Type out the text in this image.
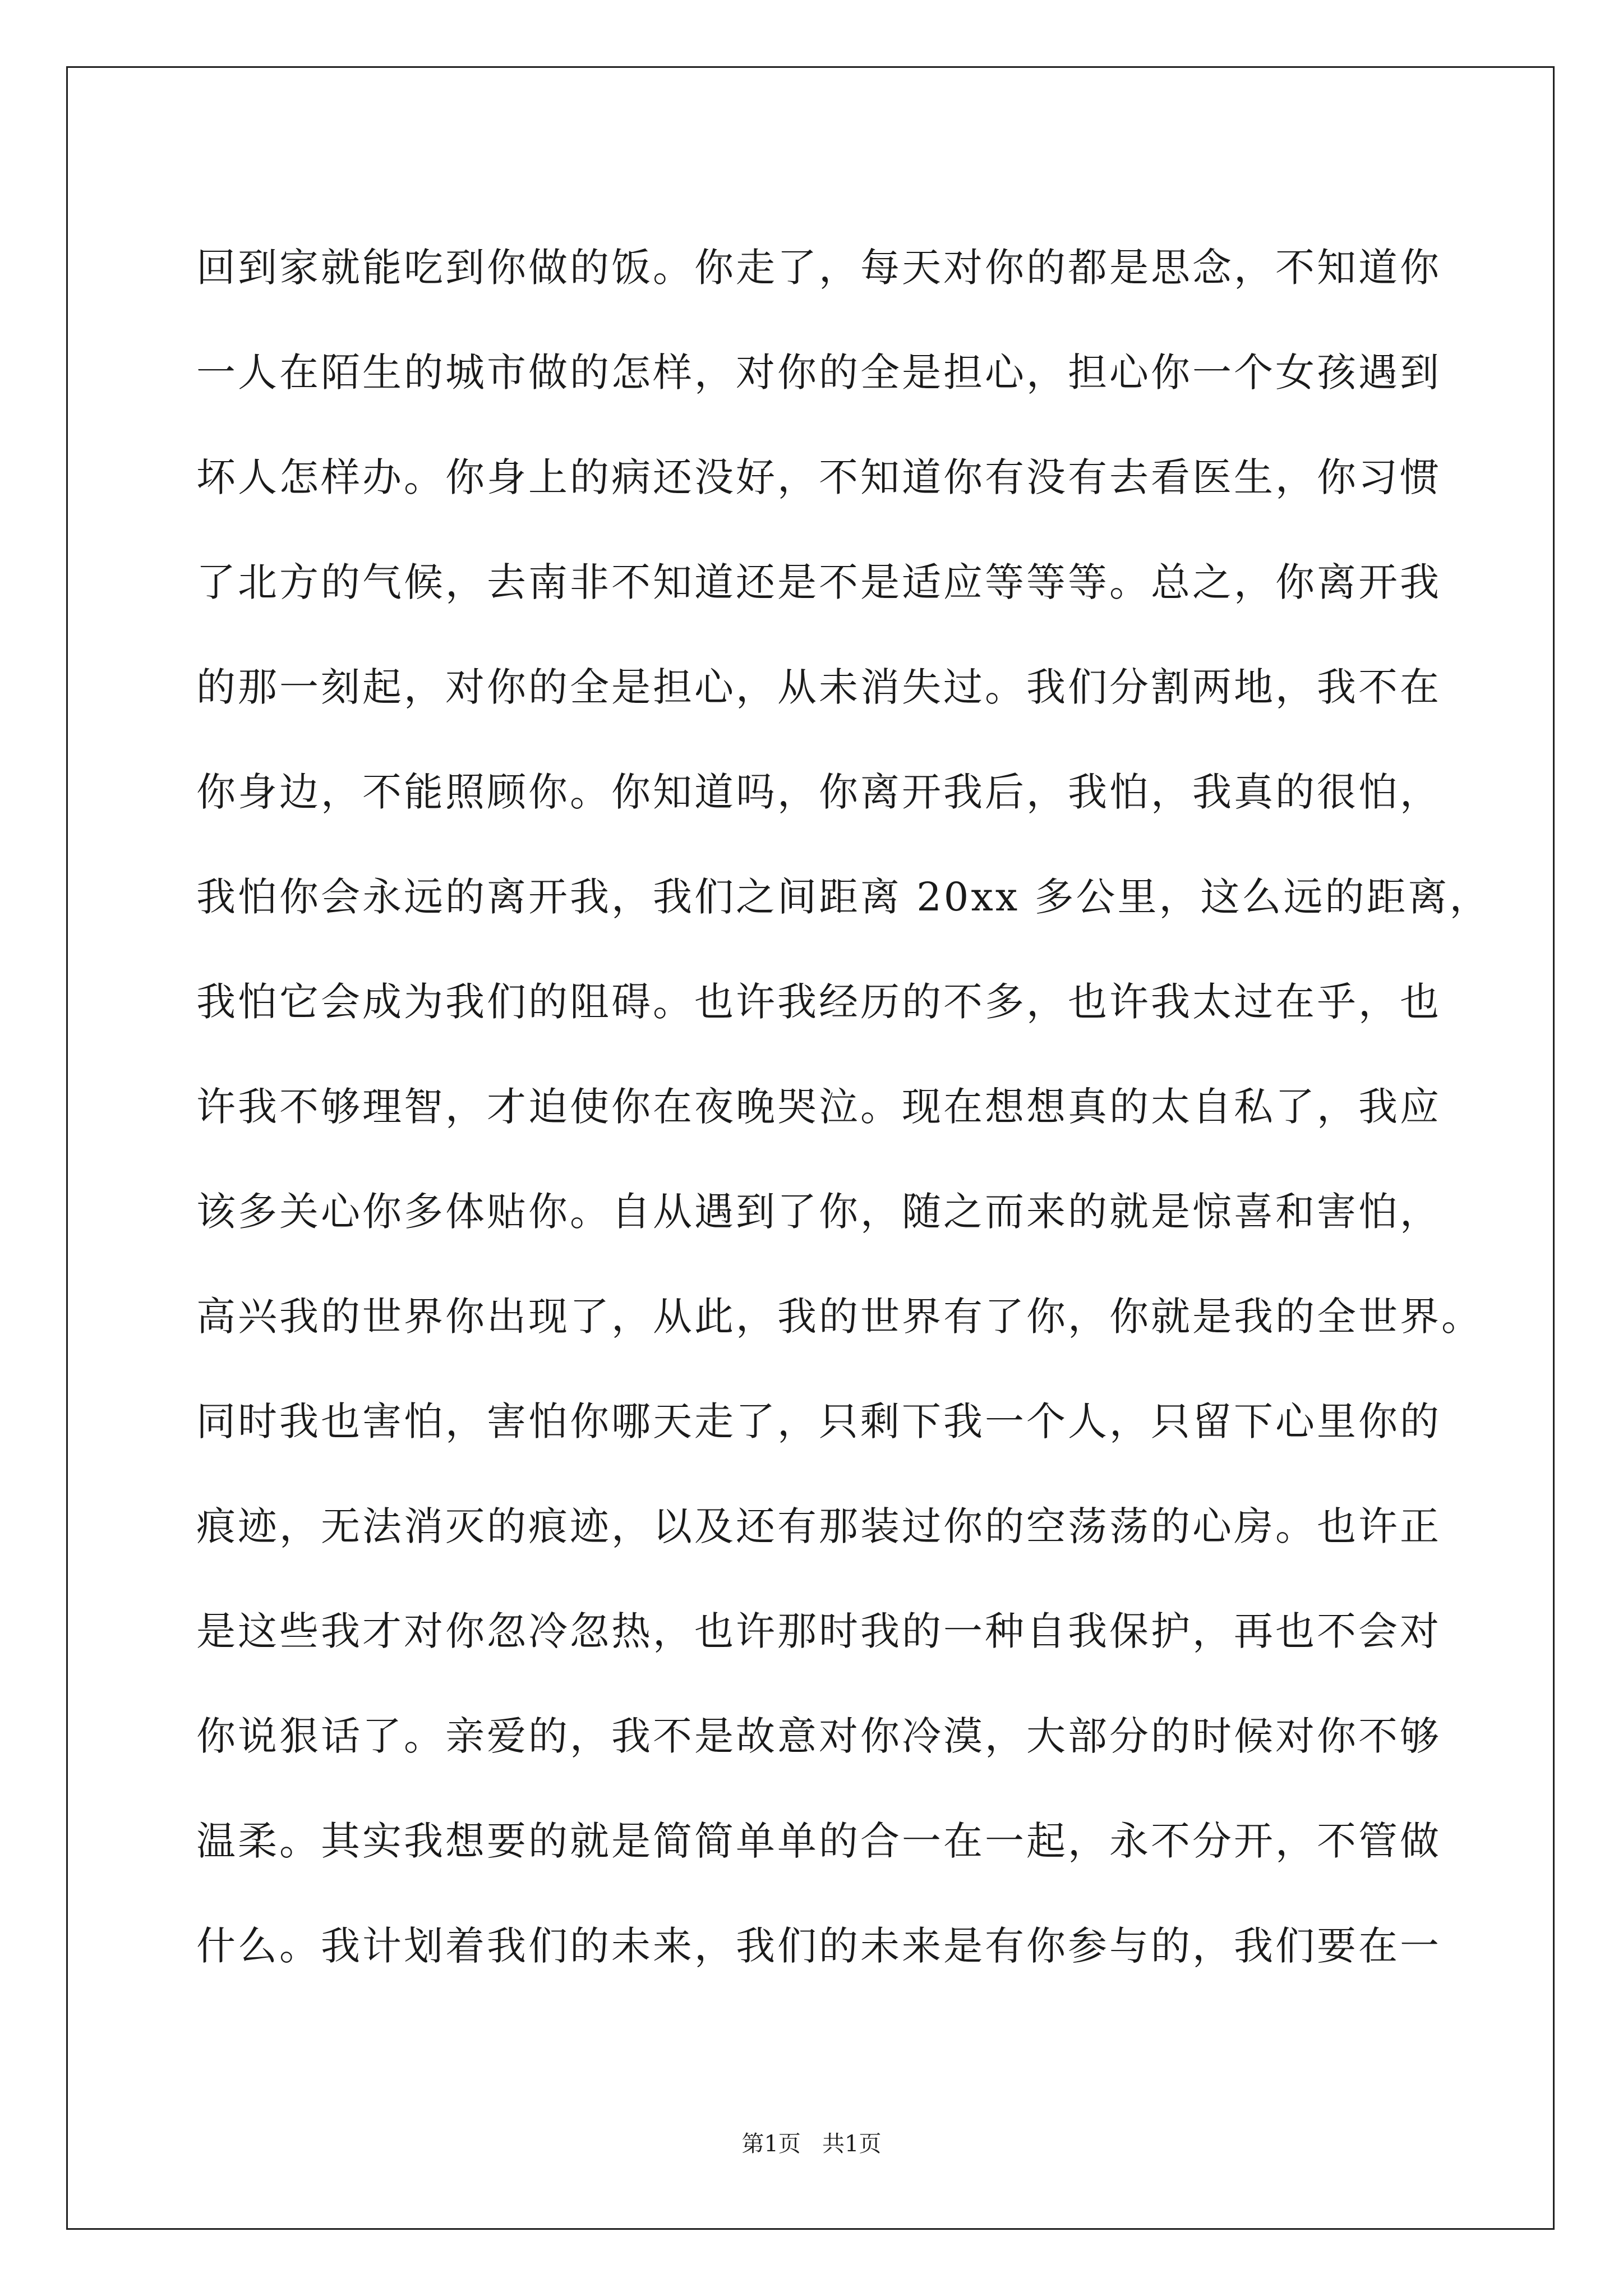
回到家就能吃到你做的饭。你走了，每天对你的都是思念，不知道你
一人在陌生的城市做的怎样，对你的全是担心，担心你一个女孩遇到
坏人怎样办。你身上的病还没好，不知道你有没有去看医生，你习惯
了北方的气候，去南非不知道还是不是适应等等等。总之，你离开我
的那一刻起，对你的全是担心，从未消失过。我们分割两地，我不在
你身边，不能照顾你。你知道吗，你离开我后，我怕，我真的很怕，
我怕你会永远的离开我，我们之间距离 20xx 多公里，这么远的距离，
我怕它会成为我们的阻碍。也许我经历的不多，也许我太过在乎，也
许我不够理智，才迫使你在夜晚哭泣。现在想想真的太自私了，我应
该多关心你多体贴你。自从遇到了你，随之而来的就是惊喜和害怕，
高兴我的世界你出现了，从此，我的世界有了你，你就是我的全世界。
同时我也害怕，害怕你哪天走了，只剩下我一个人，只留下心里你的
痕迹，无法消灭的痕迹，以及还有那装过你的空荡荡的心房。也许正
是这些我才对你忽冷忽热，也许那时我的一种自我保护，再也不会对
你说狠话了。亲爱的，我不是故意对你冷漠，大部分的时候对你不够
温柔。其实我想要的就是简简单单的合一在一起，永不分开，不管做
什么。我计划着我们的未来，我们的未来是有你参与的，我们要在一
第1页   共1页
